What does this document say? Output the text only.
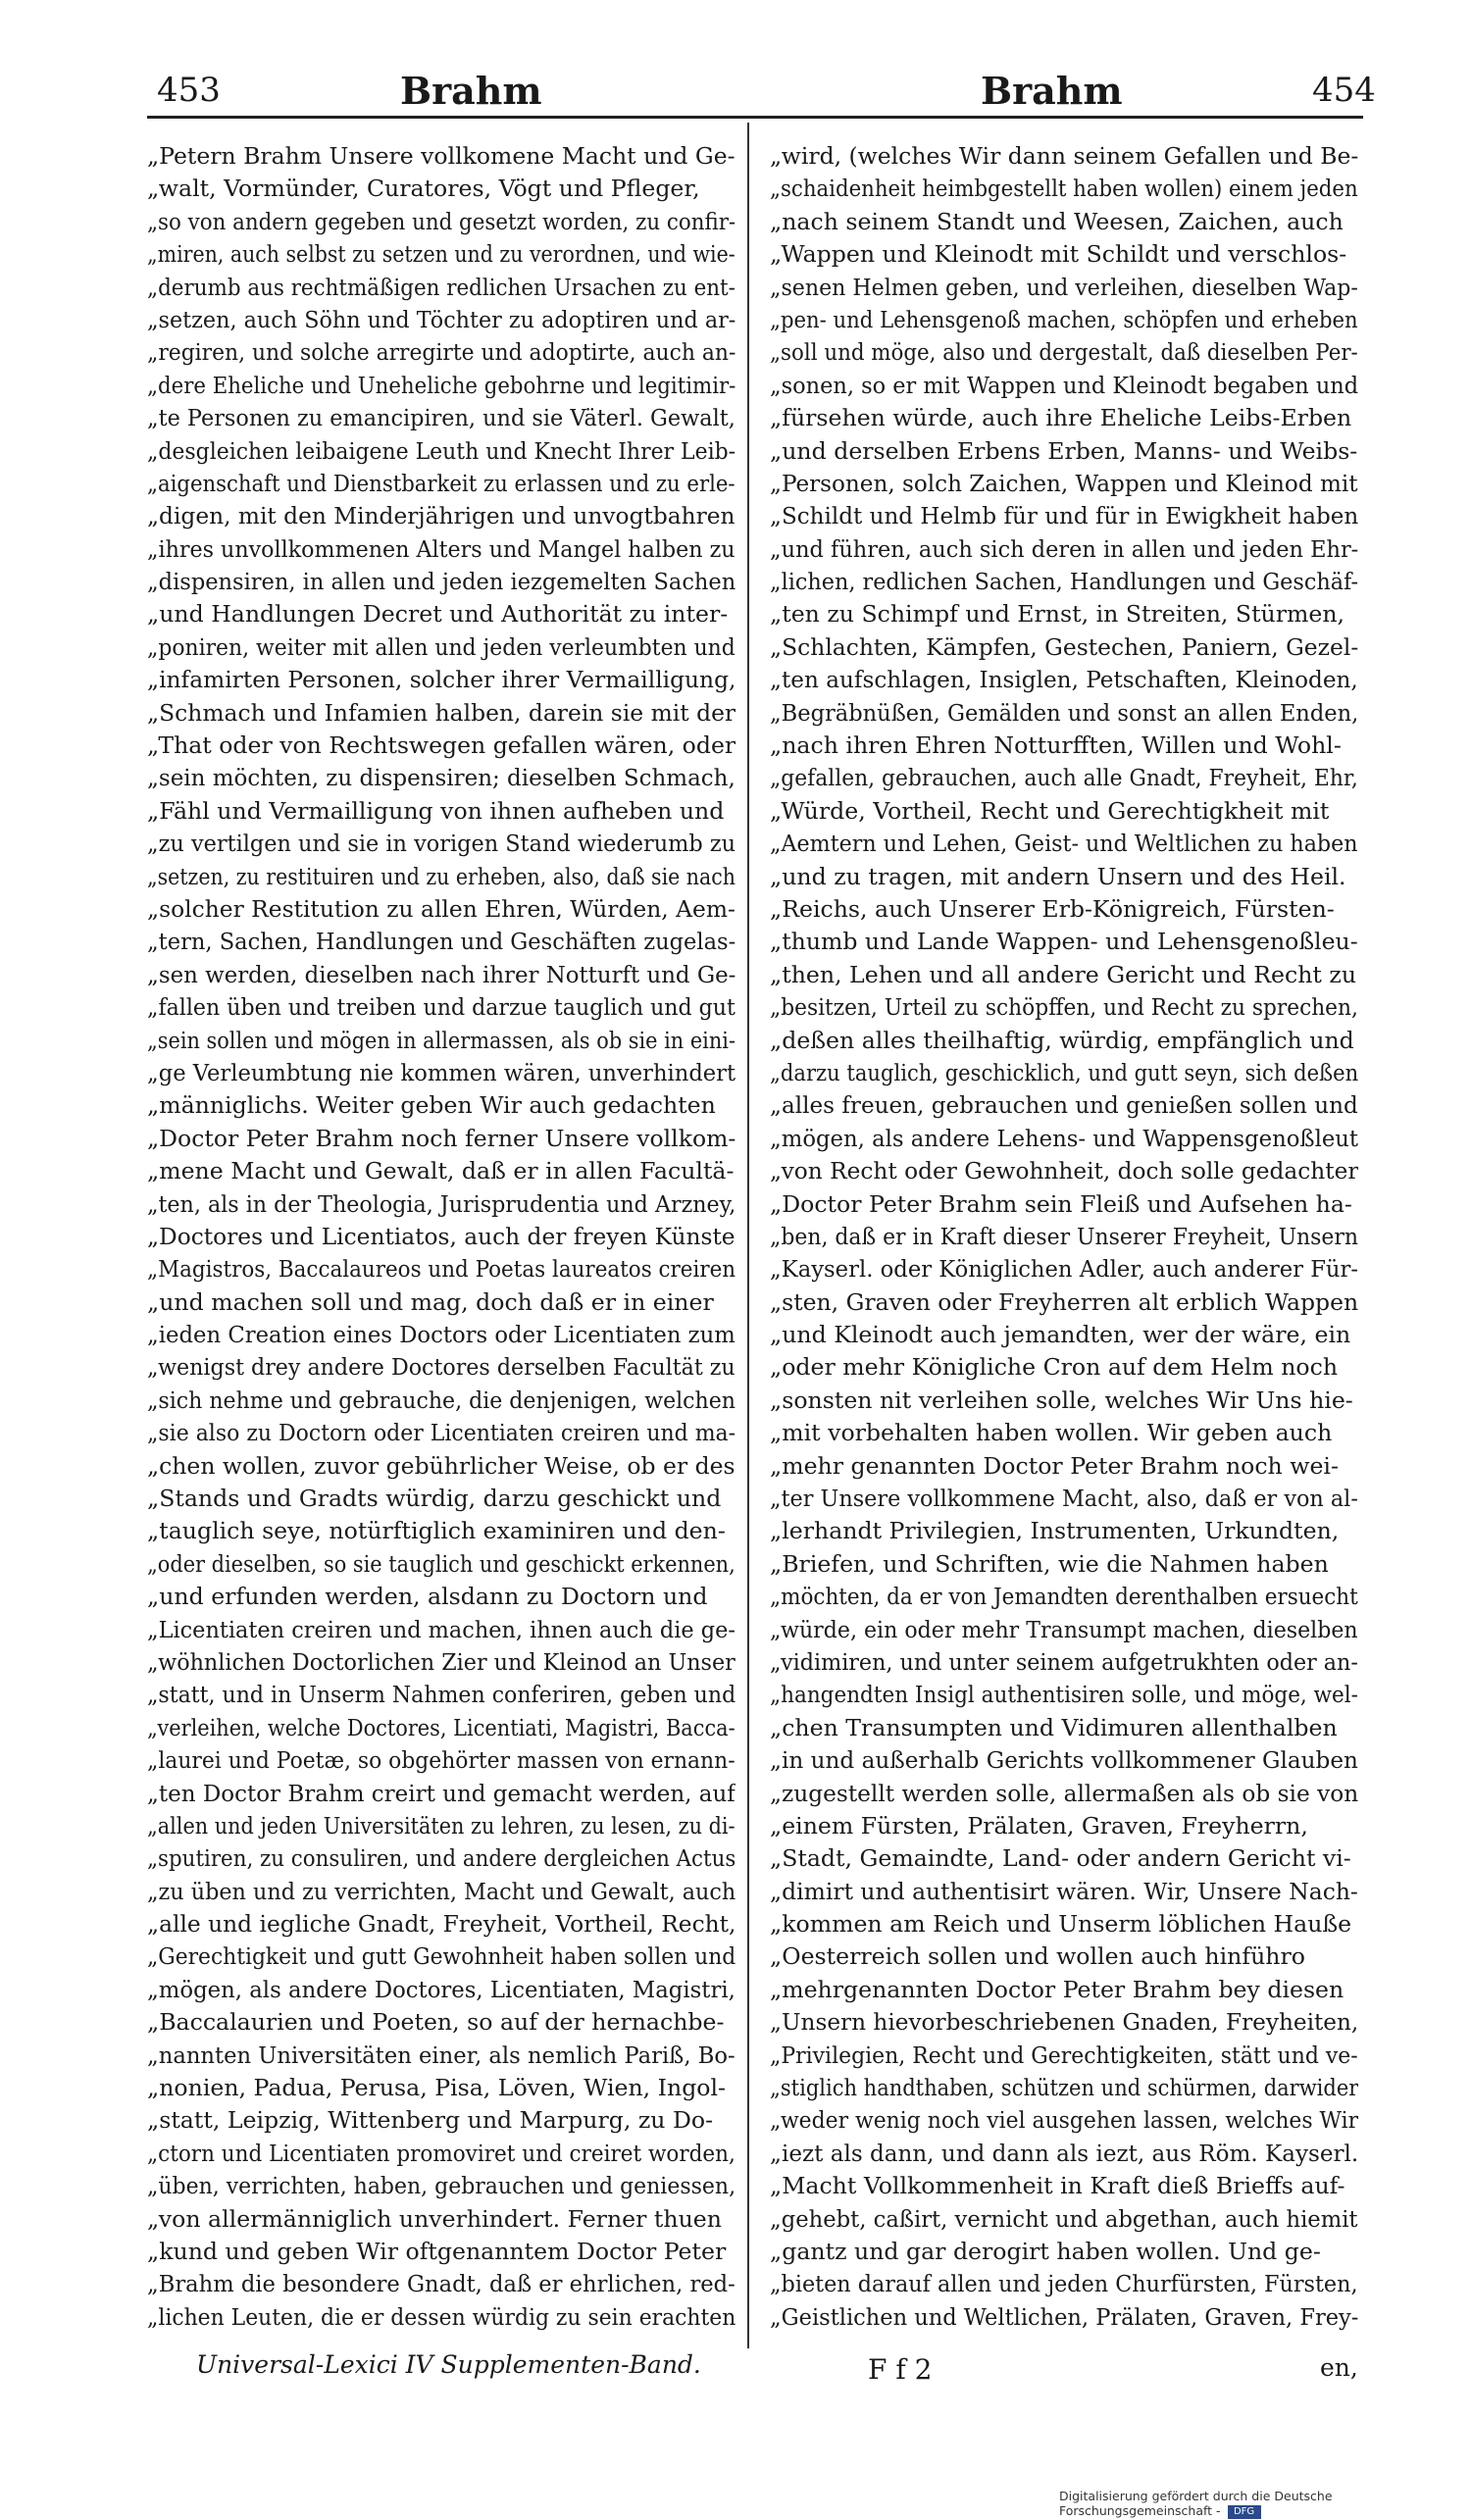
453	Brahm	Brahm	454
„Petern Brahm Unsere vollkomene Macht und Ge-
„walt, Vormünder, Curatores, Vögt und Pfleger,
„so von andern gegeben und gesetzt worden, zu confir-
„miren, auch selbst zu setzen und zu verordnen, und wie-
„derumb aus rechtmäßigen redlichen Ursachen zu ent-
„setzen, auch Söhn und Töchter zu adoptiren und ar-
„regiren, und solche arregirte und adoptirte, auch an-
„dere Eheliche und Uneheliche gebohrne und legitimir-
„te Personen zu emancipiren, und sie Väterl. Gewalt,
„desgleichen leibaigene Leuth und Knecht Ihrer Leib-
„aigenschaft und Dienstbarkeit zu erlassen und zu erle-
„digen, mit den Minderjährigen und unvogtbahren
„ihres unvollkommenen Alters und Mangel halben zu
„dispensiren, in allen und jeden iezgemelten Sachen
„und Handlungen Decret und Authorität zu inter-
„poniren, weiter mit allen und jeden verleumbten und
„infamirten Personen, solcher ihrer Vermailligung,
„Schmach und Infamien halben, darein sie mit der
„That oder von Rechtswegen gefallen wären, oder
„sein möchten, zu dispensiren; dieselben Schmach,
„Fähl und Vermailligung von ihnen aufheben und
„zu vertilgen und sie in vorigen Stand wiederumb zu
„setzen, zu restituiren und zu erheben, also, daß sie nach
„solcher Restitution zu allen Ehren, Würden, Aem-
„tern, Sachen, Handlungen und Geschäften zugelas-
„sen werden, dieselben nach ihrer Notturft und Ge-
„fallen üben und treiben und darzue tauglich und gut
„sein sollen und mögen in allermassen, als ob sie in eini-
„ge Verleumbtung nie kommen wären, unverhindert
„männiglichs. Weiter geben Wir auch gedachten
„Doctor Peter Brahm noch ferner Unsere vollkom-
„mene Macht und Gewalt, daß er in allen Facultä-
„ten, als in der Theologia, Jurisprudentia und Arzney,
„Doctores und Licentiatos, auch der freyen Künste
„Magistros, Baccalaureos und Poetas laureatos creiren
„und machen soll und mag, doch daß er in einer
„ieden Creation eines Doctors oder Licentiaten zum
„wenigst drey andere Doctores derselben Facultät zu
„sich nehme und gebrauche, die denjenigen, welchen
„sie also zu Doctorn oder Licentiaten creiren und ma-
„chen wollen, zuvor gebührlicher Weise, ob er des
„Stands und Gradts würdig, darzu geschickt und
„tauglich seye, notürftiglich examiniren und den-
„oder dieselben, so sie tauglich und geschickt erkennen,
„und erfunden werden, alsdann zu Doctorn und
„Licentiaten creiren und machen, ihnen auch die ge-
„wöhnlichen Doctorlichen Zier und Kleinod an Unser
„statt, und in Unserm Nahmen conferiren, geben und
„verleihen, welche Doctores, Licentiati, Magistri, Bacca-
„laurei und Poetæ, so obgehörter massen von ernann-
„ten Doctor Brahm creirt und gemacht werden, auf
„allen und jeden Universitäten zu lehren, zu lesen, zu di-
„sputiren, zu consuliren, und andere dergleichen Actus
„zu üben und zu verrichten, Macht und Gewalt, auch
„alle und iegliche Gnadt, Freyheit, Vortheil, Recht,
„Gerechtigkeit und gutt Gewohnheit haben sollen und
„mögen, als andere Doctores, Licentiaten, Magistri,
„Baccalaurien und Poeten, so auf der hernachbe-
„nannten Universitäten einer, als nemlich Pariß, Bo-
„nonien, Padua, Perusa, Pisa, Löven, Wien, Ingol-
„statt, Leipzig, Wittenberg und Marpurg, zu Do-
„ctorn und Licentiaten promoviret und creiret worden,
„üben, verrichten, haben, gebrauchen und geniessen,
„von allermänniglich unverhindert. Ferner thuen
„kund und geben Wir oftgenanntem Doctor Peter
„Brahm die besondere Gnadt, daß er ehrlichen, red-
„lichen Leuten, die er dessen würdig zu sein erachten
„wird, (welches Wir dann seinem Gefallen und Be-
„schaidenheit heimbgestellt haben wollen) einem jeden
„nach seinem Standt und Weesen, Zaichen, auch
„Wappen und Kleinodt mit Schildt und verschlos-
„senen Helmen geben, und verleihen, dieselben Wap-
„pen- und Lehensgenoß machen, schöpfen und erheben
„soll und möge, also und dergestalt, daß dieselben Per-
„sonen, so er mit Wappen und Kleinodt begaben und
„fürsehen würde, auch ihre Eheliche Leibs-Erben
„und derselben Erbens Erben, Manns- und Weibs-
„Personen, solch Zaichen, Wappen und Kleinod mit
„Schildt und Helmb für und für in Ewigkheit haben
„und führen, auch sich deren in allen und jeden Ehr-
„lichen, redlichen Sachen, Handlungen und Geschäf-
„ten zu Schimpf und Ernst, in Streiten, Stürmen,
„Schlachten, Kämpfen, Gestechen, Paniern, Gezel-
„ten aufschlagen, Insiglen, Petschaften, Kleinoden,
„Begräbnüßen, Gemälden und sonst an allen Enden,
„nach ihren Ehren Notturfften, Willen und Wohl-
„gefallen, gebrauchen, auch alle Gnadt, Freyheit, Ehr,
„Würde, Vortheil, Recht und Gerechtigkheit mit
„Aemtern und Lehen, Geist- und Weltlichen zu haben
„und zu tragen, mit andern Unsern und des Heil.
„Reichs, auch Unserer Erb-Königreich, Fürsten-
„thumb und Lande Wappen- und Lehensgenoßleu-
„then, Lehen und all andere Gericht und Recht zu
„besitzen, Urteil zu schöpffen, und Recht zu sprechen,
„deßen alles theilhaftig, würdig, empfänglich und
„darzu tauglich, geschicklich, und gutt seyn, sich deßen
„alles freuen, gebrauchen und genießen sollen und
„mögen, als andere Lehens- und Wappensgenoßleut
„von Recht oder Gewohnheit, doch solle gedachter
„Doctor Peter Brahm sein Fleiß und Aufsehen ha-
„ben, daß er in Kraft dieser Unserer Freyheit, Unsern
„Kayserl. oder Königlichen Adler, auch anderer Für-
„sten, Graven oder Freyherren alt erblich Wappen
„und Kleinodt auch jemandten, wer der wäre, ein
„oder mehr Königliche Cron auf dem Helm noch
„sonsten nit verleihen solle, welches Wir Uns hie-
„mit vorbehalten haben wollen. Wir geben auch
„mehr genannten Doctor Peter Brahm noch wei-
„ter Unsere vollkommene Macht, also, daß er von al-
„lerhandt Privilegien, Instrumenten, Urkundten,
„Briefen, und Schriften, wie die Nahmen haben
„möchten, da er von Jemandten derenthalben ersuecht
„würde, ein oder mehr Transumpt machen, dieselben
„vidimiren, und unter seinem aufgetrukhten oder an-
„hangendten Insigl authentisiren solle, und möge, wel-
„chen Transumpten und Vidimuren allenthalben
„in und außerhalb Gerichts vollkommener Glauben
„zugestellt werden solle, allermaßen als ob sie von
„einem Fürsten, Prälaten, Graven, Freyherrn,
„Stadt, Gemaindte, Land- oder andern Gericht vi-
„dimirt und authentisirt wären. Wir, Unsere Nach-
„kommen am Reich und Unserm löblichen Hauße
„Oesterreich sollen und wollen auch hinführo
„mehrgenannten Doctor Peter Brahm bey diesen
„Unsern hievorbeschriebenen Gnaden, Freyheiten,
„Privilegien, Recht und Gerechtigkeiten, stätt und ve-
„stiglich handthaben, schützen und schürmen, darwider
„weder wenig noch viel ausgehen lassen, welches Wir
„iezt als dann, und dann als iezt, aus Röm. Kayserl.
„Macht Vollkommenheit in Kraft dieß Brieffs auf-
„gehebt, caßirt, vernicht und abgethan, auch hiemit
„gantz und gar derogirt haben wollen. Und ge-
„bieten darauf allen und jeden Churfürsten, Fürsten,
„Geistlichen und Weltlichen, Prälaten, Graven, Frey-
Universal-Lexici IV Supplementen-Band.	F f 2	en,
Digitalisierung gefördert durch die Deutsche Forschungsgemeinschaft - DFG
